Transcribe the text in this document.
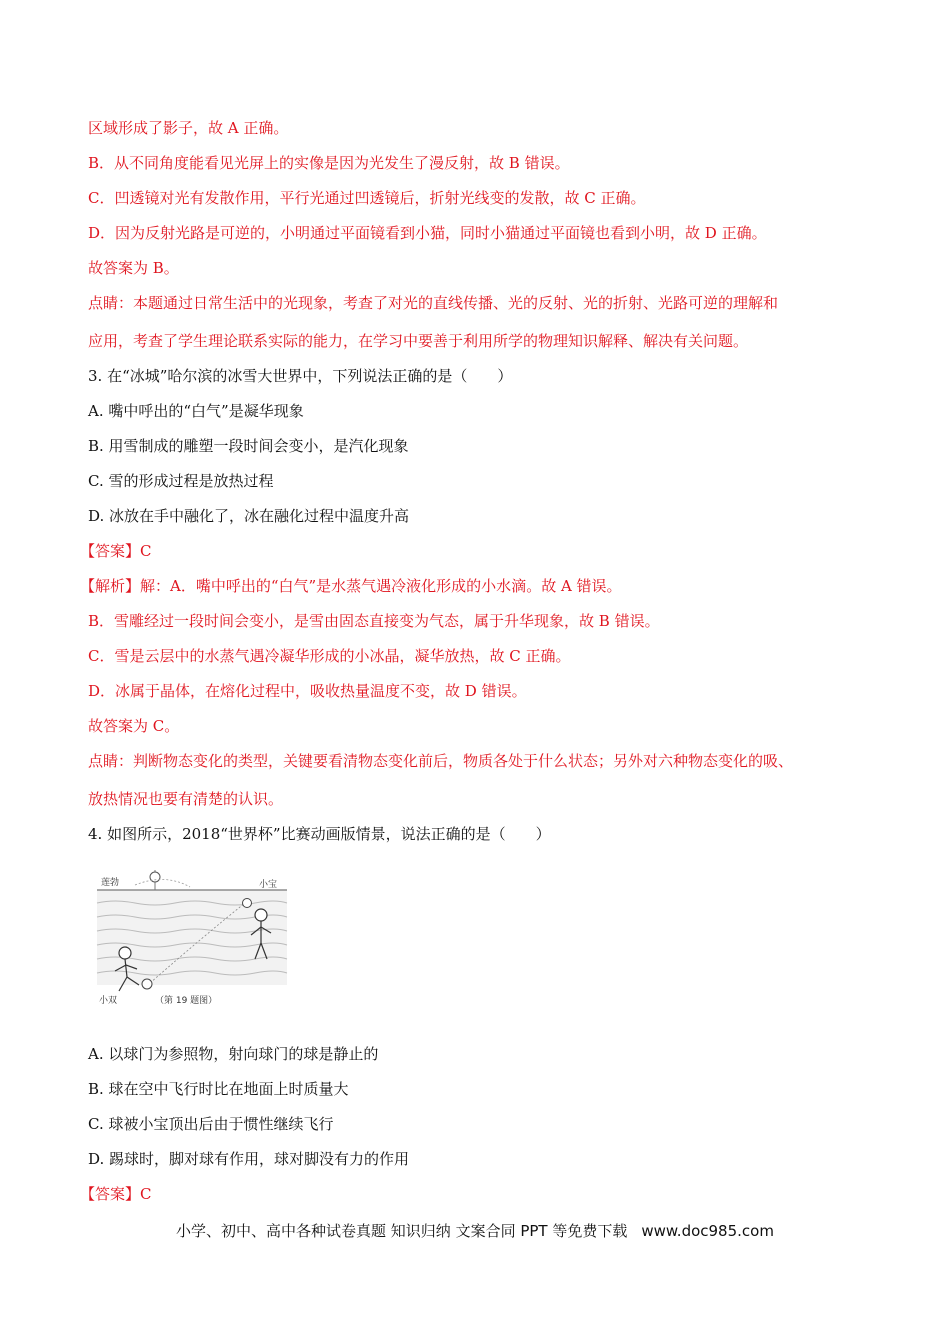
区域形成了影子，故 A 正确。
B．从不同角度能看见光屏上的实像是因为光发生了漫反射，故 B 错误。
C．凹透镜对光有发散作用，平行光通过凹透镜后，折射光线变的发散，故 C 正确。
D．因为反射光路是可逆的，小明通过平面镜看到小猫，同时小猫通过平面镜也看到小明，故 D 正确。
故答案为 B。
点睛：本题通过日常生活中的光现象，考查了对光的直线传播、光的反射、光的折射、光路可逆的理解和
应用，考查了学生理论联系实际的能力，在学习中要善于利用所学的物理知识解释、解决有关问题。
3. 在“冰城”哈尔滨的冰雪大世界中，下列说法正确的是（　　）
A. 嘴中呼出的“白气”是凝华现象
B. 用雪制成的雕塑一段时间会变小，是汽化现象
C. 雪的形成过程是放热过程
D. 冰放在手中融化了，冰在融化过程中温度升高
【答案】C
【解析】解：A．嘴中呼出的“白气”是水蒸气遇冷液化形成的小水滴。故 A 错误。
B．雪雕经过一段时间会变小，是雪由固态直接变为气态，属于升华现象，故 B 错误。
C．雪是云层中的水蒸气遇冷凝华形成的小冰晶，凝华放热，故 C 正确。
D．冰属于晶体，在熔化过程中，吸收热量温度不变，故 D 错误。
故答案为 C。
点睛：判断物态变化的类型，关键要看清物态变化前后，物质各处于什么状态；另外对六种物态变化的吸、
放热情况也要有清楚的认识。
4. 如图所示，2018“世界杯”比赛动画版情景，说法正确的是（　　）
莲勃	小宝
小双	（第 19 题图）
A. 以球门为参照物，射向球门的球是静止的
B. 球在空中飞行时比在地面上时质量大
C. 球被小宝顶出后由于惯性继续飞行
D. 踢球时，脚对球有作用，球对脚没有力的作用
【答案】C
小学、初中、高中各种试卷真题 知识归纳 文案合同 PPT 等免费下载 www.doc985.com
